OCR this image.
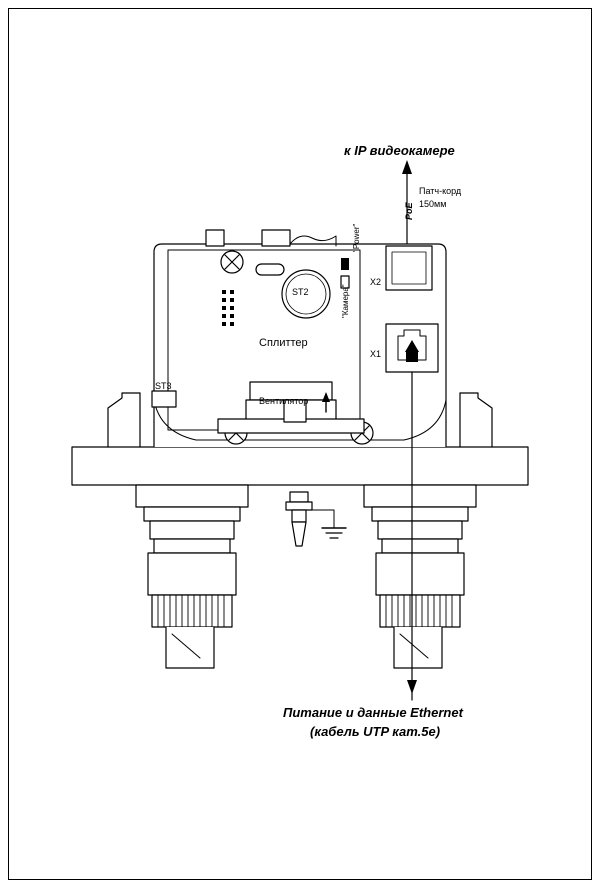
к IP видеокамере
Патч-корд
150мм
PoE
Сплиттер
ST2
ST3
Вентилятор
"Power"
"Камера"
X2
X1
Питание и данные Ethernet
(кабель UTP кат.5е)
